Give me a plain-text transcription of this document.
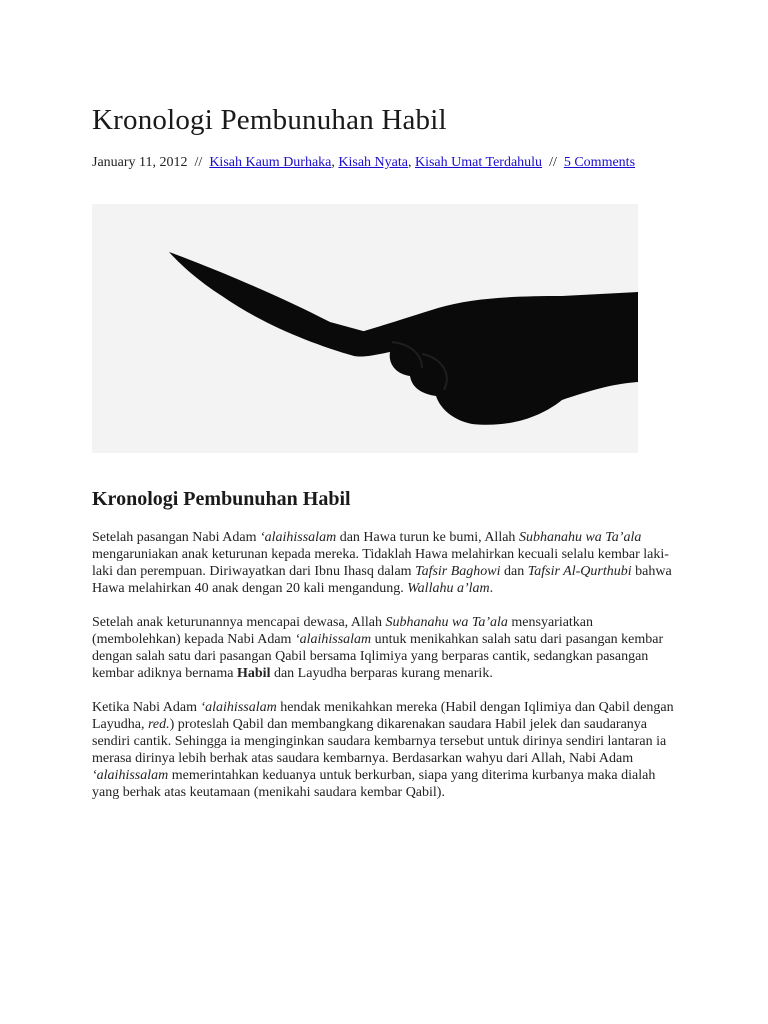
Kronologi Pembunuhan Habil
January 11, 2012 // Kisah Kaum Durhaka, Kisah Nyata, Kisah Umat Terdahulu // 5 Comments
Kronologi Pembunuhan Habil

Setelah pasangan Nabi Adam ‘alaihissalam dan Hawa turun ke bumi, Allah Subhanahu wa Ta’ala mengaruniakan anak keturunan kepada mereka. Tidaklah Hawa melahirkan kecuali selalu kembar laki-laki dan perempuan. Diriwayatkan dari Ibnu Ihasq dalam Tafsir Baghowi dan Tafsir Al-Qurthubi bahwa Hawa melahirkan 40 anak dengan 20 kali mengandung. Wallahu a’lam.

Setelah anak keturunannya mencapai dewasa, Allah Subhanahu wa Ta’ala mensyariatkan (membolehkan) kepada Nabi Adam ‘alaihissalam untuk menikahkan salah satu dari pasangan kembar dengan salah satu dari pasangan Qabil bersama Iqlimiya yang berparas cantik, sedangkan pasangan kembar adiknya bernama Habil dan Layudha berparas kurang menarik.

Ketika Nabi Adam ‘alaihissalam hendak menikahkan mereka (Habil dengan Iqlimiya dan Qabil dengan Layudha, red.) proteslah Qabil dan membangkang dikarenakan saudara Habil jelek dan saudaranya sendiri cantik. Sehingga ia menginginkan saudara kembarnya tersebut untuk dirinya sendiri lantaran ia merasa dirinya lebih berhak atas saudara kembarnya. Berdasarkan wahyu dari Allah, Nabi Adam ‘alaihissalam memerintahkan keduanya untuk berkurban, siapa yang diterima kurbanya maka dialah yang berhak atas keutamaan (menikahi saudara kembar Qabil).
